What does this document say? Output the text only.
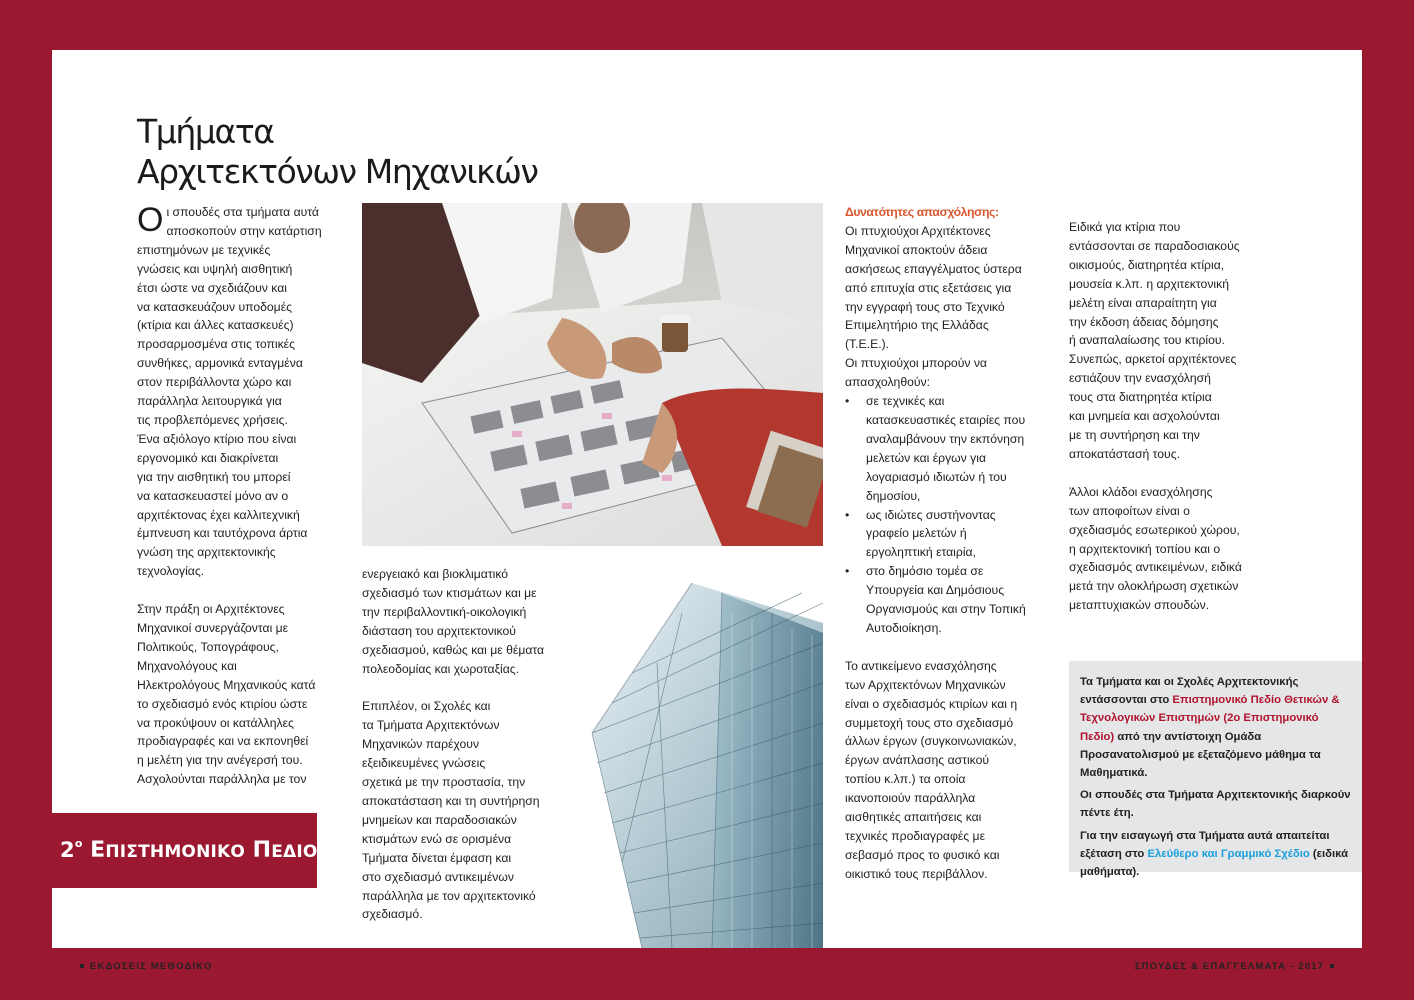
Τμήματα
Αρχιτεκτόνων Μηχανικών
Ο ι σπουδές στα τμήματα αυτά
αποσκοπούν στην κατάρτιση
επιστημόνων με τεχνικές
γνώσεις και υψηλή αισθητική
έτσι ώστε να σχεδιάζουν και
να κατασκευάζουν υποδομές
(κτίρια και άλλες κατασκευές)
προσαρμοσμένα στις τοπικές
συνθήκες, αρμονικά ενταγμένα
στον περιβάλλοντα χώρο και
παράλληλα λειτουργικά για
τις προβλεπόμενες χρήσεις.
Ένα αξιόλογο κτίριο που είναι
εργονομικό και διακρίνεται
για την αισθητική του μπορεί
να κατασκευαστεί μόνο αν ο
αρχιτέκτονας έχει καλλιτεχνική
έμπνευση και ταυτόχρονα άρτια
γνώση της αρχιτεκτονικής
τεχνολογίας.
Στην πράξη οι Αρχιτέκτονες
Μηχανικοί συνεργάζονται με
Πολιτικούς, Τοπογράφους,
Μηχανολόγους και
Ηλεκτρολόγους Μηχανικούς κατά
το σχεδιασμό ενός κτιρίου ώστε
να προκύψουν οι κατάλληλες
προδιαγραφές και να εκπονηθεί
η μελέτη για την ανέγερσή του.
Ασχολούνται παράλληλα με τον
ενεργειακό και βιοκλιματικό
σχεδιασμό των κτισμάτων και με
την περιβαλλοντική-οικολογική
διάσταση του αρχιτεκτονικού
σχεδιασμού, καθώς και με θέματα
πολεοδομίας και χωροταξίας.
Επιπλέον, οι Σχολές και
τα Τμήματα Αρχιτεκτόνων
Μηχανικών παρέχουν
εξειδικευμένες γνώσεις
σχετικά με την προστασία, την
αποκατάσταση και τη συντήρηση
μνημείων και παραδοσιακών
κτισμάτων ενώ σε ορισμένα
Τμήματα δίνεται έμφαση και
στο σχεδιασμό αντικειμένων
παράλληλα με τον αρχιτεκτονικό
σχεδιασμό.

Δυνατότητες απασχόλησης:

Οι πτυχιούχοι Αρχιτέκτονες
Μηχανικοί αποκτούν άδεια
ασκήσεως επαγγέλματος ύστερα
από επιτυχία στις εξετάσεις για
την εγγραφή τους στο Τεχνικό
Επιμελητήριο της Ελλάδας
(Τ.Ε.Ε.).
Οι πτυχιούχοι μπορούν να
απασχοληθούν:
• σε τεχνικές και
κατασκευαστικές εταιρίες που
αναλαμβάνουν την εκπόνηση
μελετών και έργων για
λογαριασμό ιδιωτών ή του
δημοσίου,
• ως ιδιώτες συστήνοντας
γραφείο μελετών ή
εργοληπτική εταιρία,
• στο δημόσιο τομέα σε
Υπουργεία και Δημόσιους
Οργανισμούς και στην Τοπική
Αυτοδιοίκηση.
Το αντικείμενο ενασχόλησης
των Αρχιτεκτόνων Μηχανικών
είναι ο σχεδιασμός κτιρίων και η
συμμετοχή τους στο σχεδιασμό
άλλων έργων (συγκοινωνιακών,
έργων ανάπλασης αστικού
τοπίου κ.λπ.) τα οποία
ικανοποιούν παράλληλα
αισθητικές απαιτήσεις και
τεχνικές προδιαγραφές με
σεβασμό προς το φυσικό και
οικιστικό τους περιβάλλον.
Ειδικά για κτίρια που
εντάσσονται σε παραδοσιακούς
οικισμούς, διατηρητέα κτίρια,
μουσεία κ.λπ. η αρχιτεκτονική
μελέτη είναι απαραίτητη για
την έκδοση άδειας δόμησης
ή αναπαλαίωσης του κτιρίου.
Συνεπώς, αρκετοί αρχιτέκτονες
εστιάζουν την ενασχόλησή
τους στα διατηρητέα κτίρια
και μνημεία και ασχολούνται
με τη συντήρηση και την
αποκατάστασή τους.
Άλλοι κλάδοι ενασχόλησης
των αποφοίτων είναι ο
σχεδιασμός εσωτερικού χώρου,
η αρχιτεκτονική τοπίου και ο
σχεδιασμός αντικειμένων, ειδικά
μετά την ολοκλήρωση σχετικών
μεταπτυχιακών σπουδών.
$2^o$ ΕΠΙΣΤΗΜΟΝΙΚΟ ΠΕΔΙΟ

Τα Τμήματα και οι Σχολές Αρχιτεκτονικής εντάσσονται στο Επιστημονικό Πεδίο Θετικών & Τεχνολογικών Επιστημών (2ο Επιστημονικό Πεδίο) από την αντίστοιχη Ομάδα Προσανατολισμού με εξεταζόμενο μάθημα τα Μαθηματικά.

Οι σπουδές στα Τμήματα Αρχιτεκτονικής διαρκούν πέντε έτη.

Για την εισαγωγή στα Τμήματα αυτά απαιτείται εξέταση στο Ελεύθερο και Γραμμικό Σχέδιο (ειδικά μαθήματα).

314 ΕΚΔΟΣΕΙΣ ΜΕΘΟΔΙΚΟ	ΣΠΟΥΔΕΣ & ΕΠΑΓΓΕΛΜΑΤΑ - 2017 315
